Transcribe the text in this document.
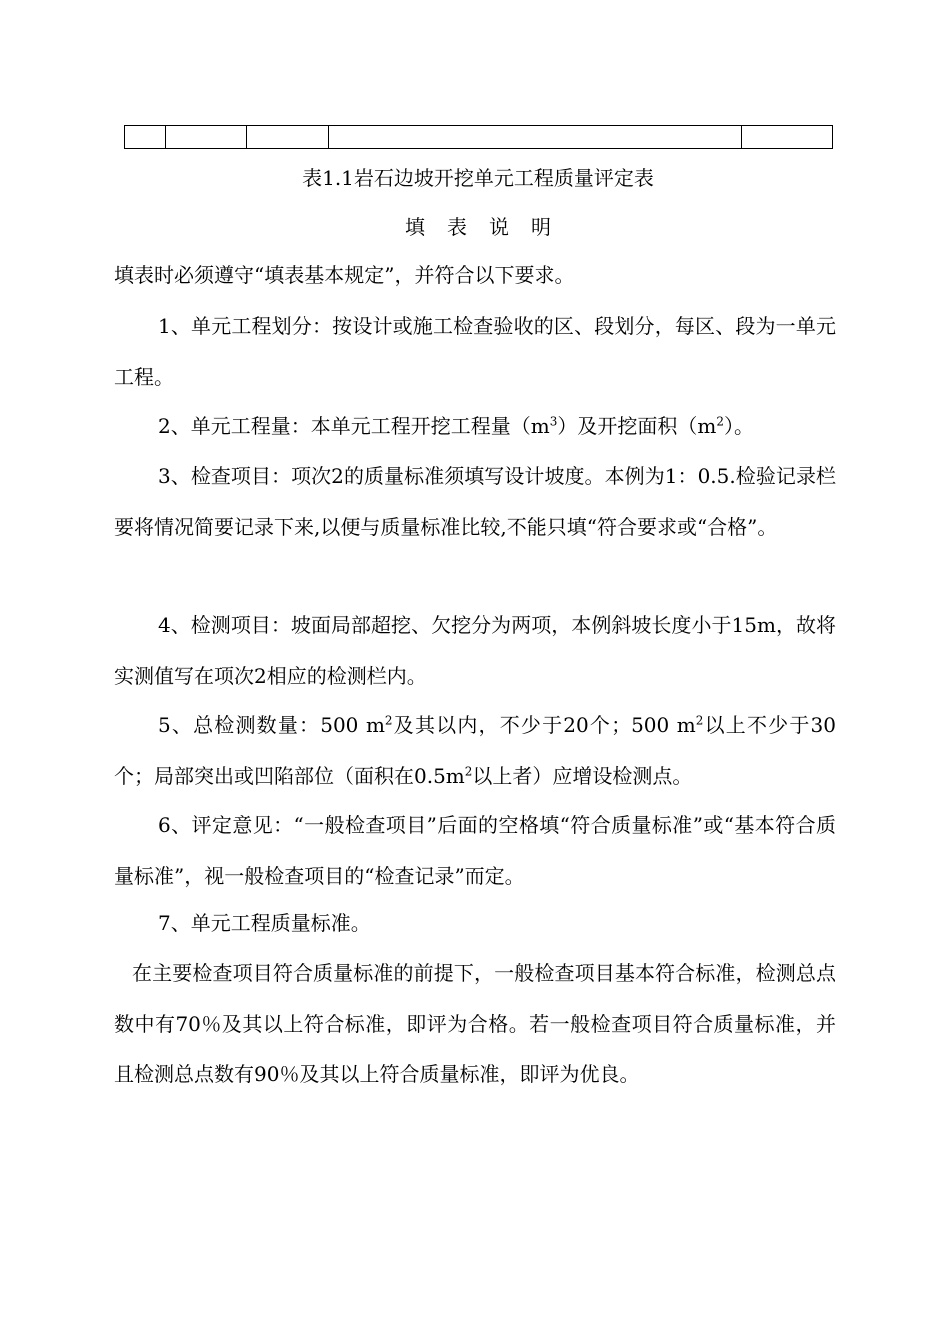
表1.1岩石边坡开挖单元工程质量评定表
填表说明

填表时必须遵守“填表基本规定”，并符合以下要求。

1、单元工程划分：按设计或施工检查验收的区、段划分，每区、段为一单元工程。

2、单元工程量：本单元工程开挖工程量$(m^3)$及开挖面积$(m^2)$。

3、检查项目：项次2的质量标准须填写设计坡度。本例为1：0.5.检验记录栏要将情况简要记录下来,以便与质量标准比较,不能只填“符合要求或“合格”。

4、检测项目：坡面局部超挖、欠挖分为两项，本例斜坡长度小于15m，故将实测值写在项次2相应的检测栏内。

5、总检测数量：500 $m^2$及其以内，不少于20个；500 $m^2$以上不少于30个；局部突出或凹陷部位（面积在$0.5m^2$以上者）应增设检测点。

6、评定意见：“一般检查项目”后面的空格填“符合质量标准”或“基本符合质量标准”，视一般检查项目的“检查记录”而定。

7、单元工程质量标准。

在主要检查项目符合质量标准的前提下，一般检查项目基本符合标准，检测总点数中有70％及其以上符合标准，即评为合格。若一般检查项目符合质量标准，并且检测总点数有90％及其以上符合质量标准，即评为优良。
